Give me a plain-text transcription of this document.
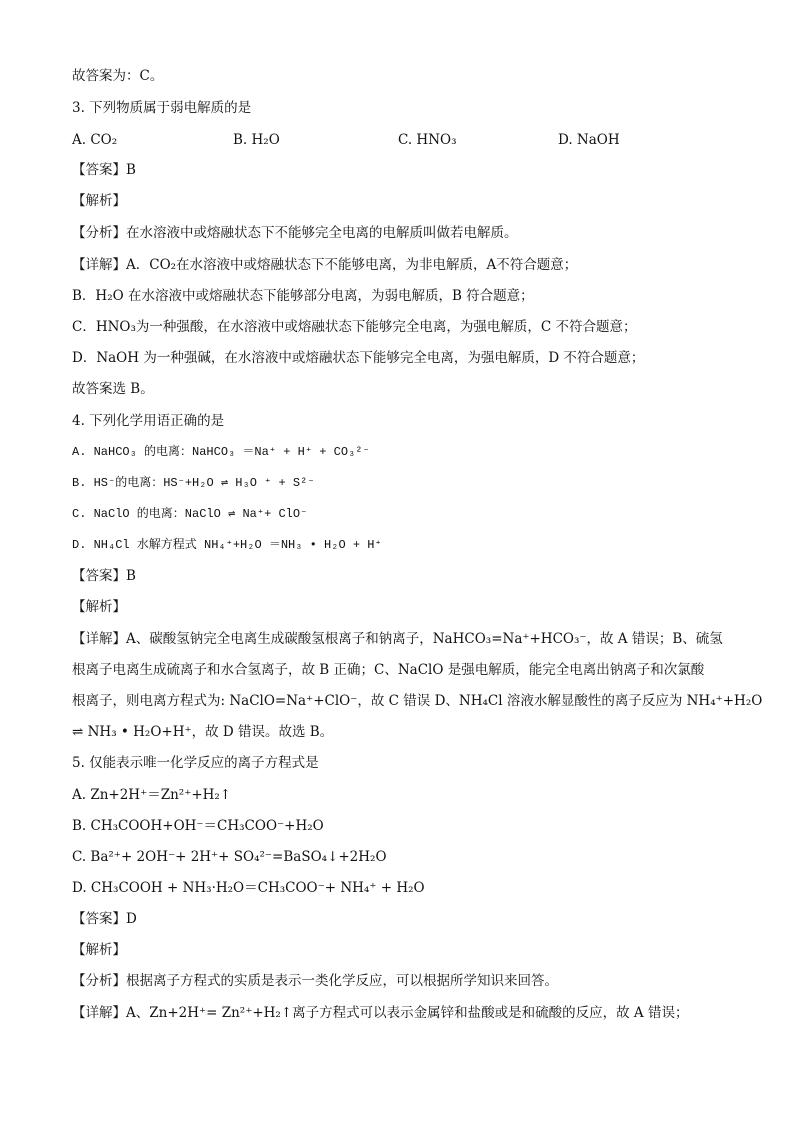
故答案为：C。
3. 下列物质属于弱电解质的是
A. CO₂	B. H₂O	C. HNO₃	D. NaOH
【答案】B
【解析】
【分析】在水溶液中或熔融状态下不能够完全电离的电解质叫做若电解质。
【详解】A．CO₂在水溶液中或熔融状态下不能够电离，为非电解质，A不符合题意；
B．H₂O 在水溶液中或熔融状态下能够部分电离，为弱电解质，B 符合题意；
C．HNO₃为一种强酸，在水溶液中或熔融状态下能够完全电离，为强电解质，C 不符合题意；
D．NaOH 为一种强碱，在水溶液中或熔融状态下能够完全电离，为强电解质，D 不符合题意；
故答案选 B。
4. 下列化学用语正确的是
A. NaHCO₃ 的电离：NaHCO₃ ＝Na⁺ + H⁺ + CO₃²⁻
B. HS⁻的电离：HS⁻+H₂O ⇌ H₃O ⁺ + S²⁻
C. NaClO 的电离：NaClO ⇌ Na⁺+ ClO⁻
D. NH₄Cl 水解方程式 NH₄⁺+H₂O ＝NH₃ • H₂O + H⁺
【答案】B
【解析】
【详解】A、碳酸氢钠完全电离生成碳酸氢根离子和钠离子，NaHCO₃=Na⁺+HCO₃⁻，故 A 错误；B、硫氢
根离子电离生成硫离子和水合氢离子，故 B 正确；C、NaClO 是强电解质，能完全电离出钠离子和次氯酸
根离子，则电离方程式为: NaClO=Na⁺+ClO⁻，故 C 错误 D、NH₄Cl 溶液水解显酸性的离子反应为 NH₄⁺+H₂O
⇌ NH₃ • H₂O+H⁺，故 D 错误。故选 B。
5. 仅能表示唯一化学反应的离子方程式是
A. Zn+2H⁺＝Zn²⁺+H₂↑
B. CH₃COOH+OH⁻＝CH₃COO⁻+H₂O
C. Ba²⁺+ 2OH⁻+ 2H⁺+ SO₄²⁻=BaSO₄↓+2H₂O
D. CH₃COOH + NH₃·H₂O＝CH₃COO⁻+ NH₄⁺ + H₂O
【答案】D
【解析】
【分析】根据离子方程式的实质是表示一类化学反应，可以根据所学知识来回答。
【详解】A、Zn+2H⁺= Zn²⁺+H₂↑离子方程式可以表示金属锌和盐酸或是和硫酸的反应，故 A 错误；
